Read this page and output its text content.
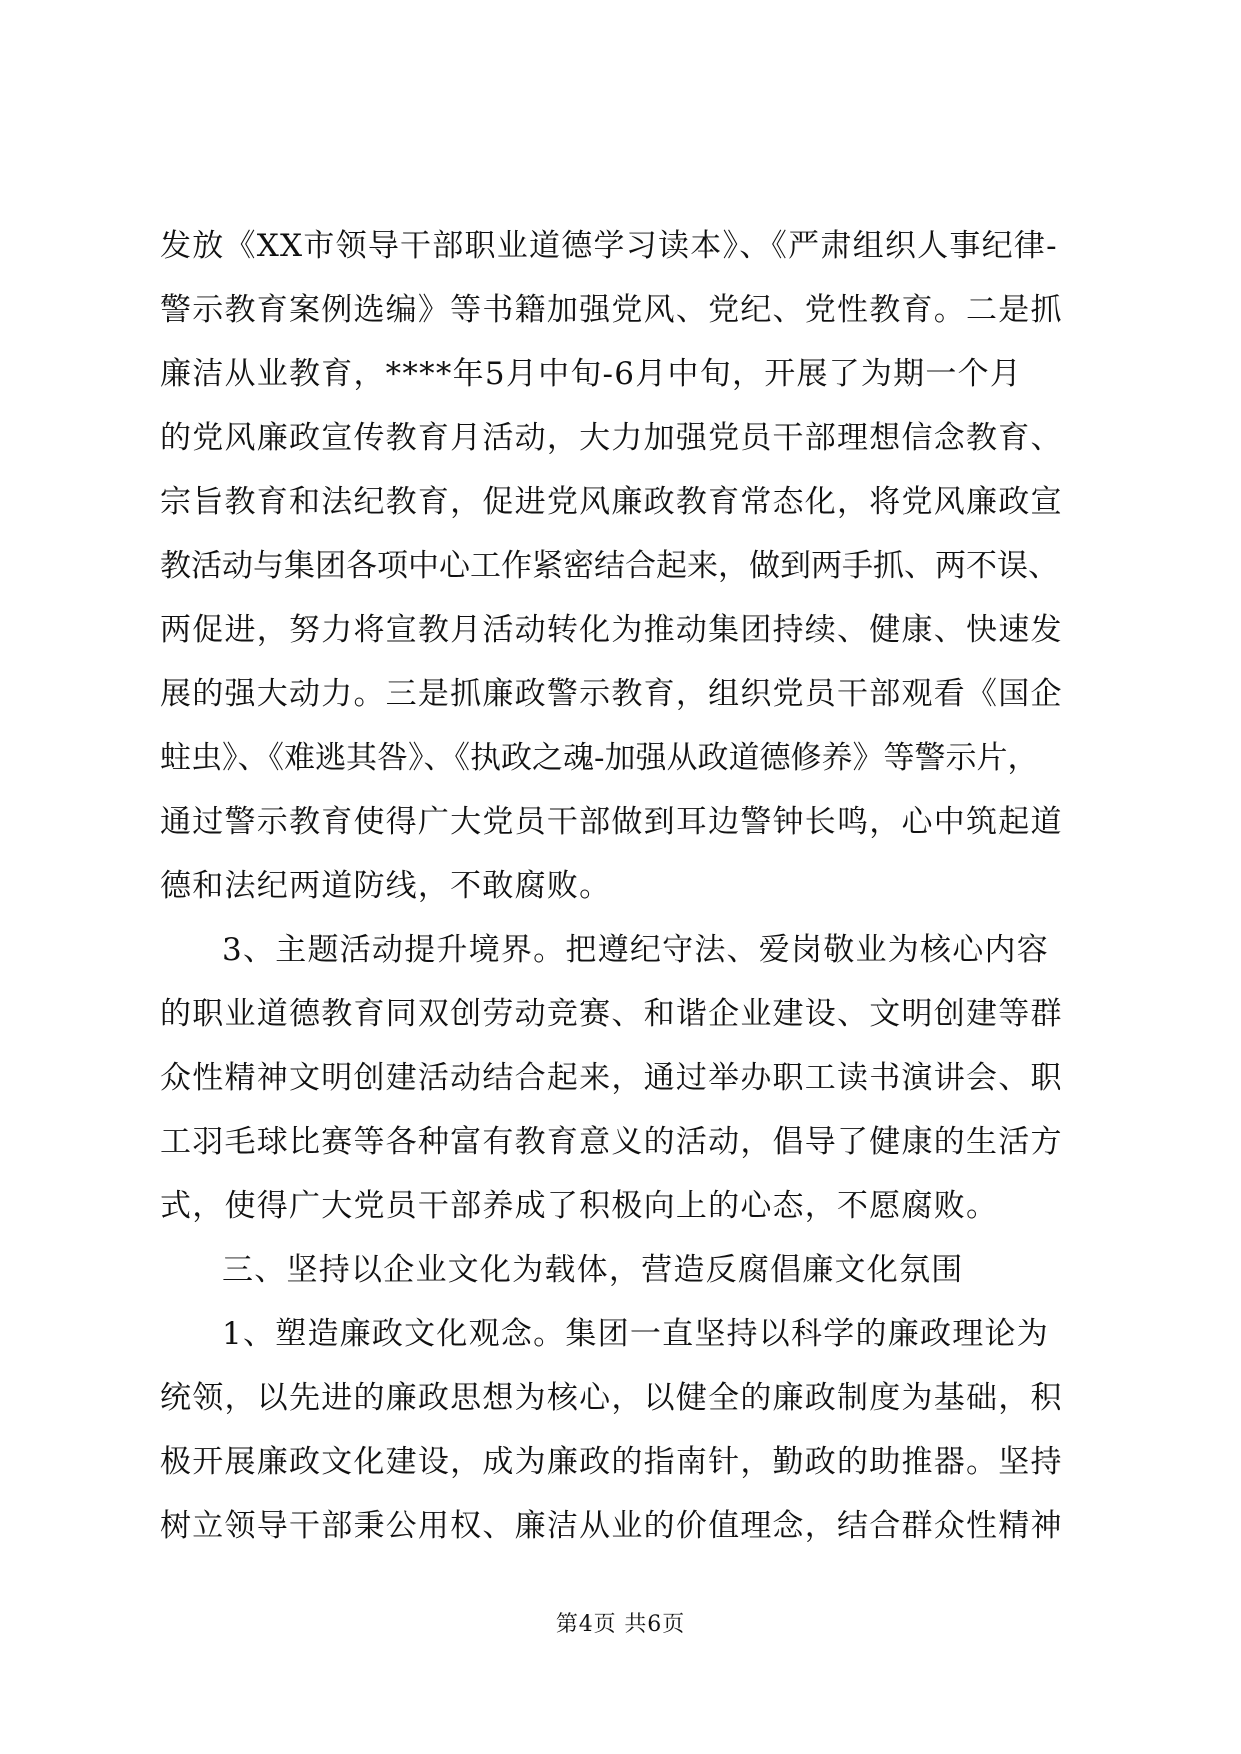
发放《XX市领导干部职业道德学习读本》、《严肃组织人事纪律-
警示教育案例选编》等书籍加强党风、党纪、党性教育。二是抓
廉洁从业教育，****年5月中旬-6月中旬，开展了为期一个月
的党风廉政宣传教育月活动，大力加强党员干部理想信念教育、
宗旨教育和法纪教育，促进党风廉政教育常态化，将党风廉政宣
教活动与集团各项中心工作紧密结合起来，做到两手抓、两不误、
两促进，努力将宣教月活动转化为推动集团持续、健康、快速发
展的强大动力。三是抓廉政警示教育，组织党员干部观看《国企
蛀虫》、《难逃其咎》、《执政之魂-加强从政道德修养》等警示片，
通过警示教育使得广大党员干部做到耳边警钟长鸣，心中筑起道
德和法纪两道防线，不敢腐败。
3、主题活动提升境界。把遵纪守法、爱岗敬业为核心内容
的职业道德教育同双创劳动竞赛、和谐企业建设、文明创建等群
众性精神文明创建活动结合起来，通过举办职工读书演讲会、职
工羽毛球比赛等各种富有教育意义的活动，倡导了健康的生活方
式，使得广大党员干部养成了积极向上的心态，不愿腐败。
三、坚持以企业文化为载体，营造反腐倡廉文化氛围
1、塑造廉政文化观念。集团一直坚持以科学的廉政理论为
统领，以先进的廉政思想为核心，以健全的廉政制度为基础，积
极开展廉政文化建设，成为廉政的指南针，勤政的助推器。坚持
树立领导干部秉公用权、廉洁从业的价值理念，结合群众性精神
第4页 共6页
